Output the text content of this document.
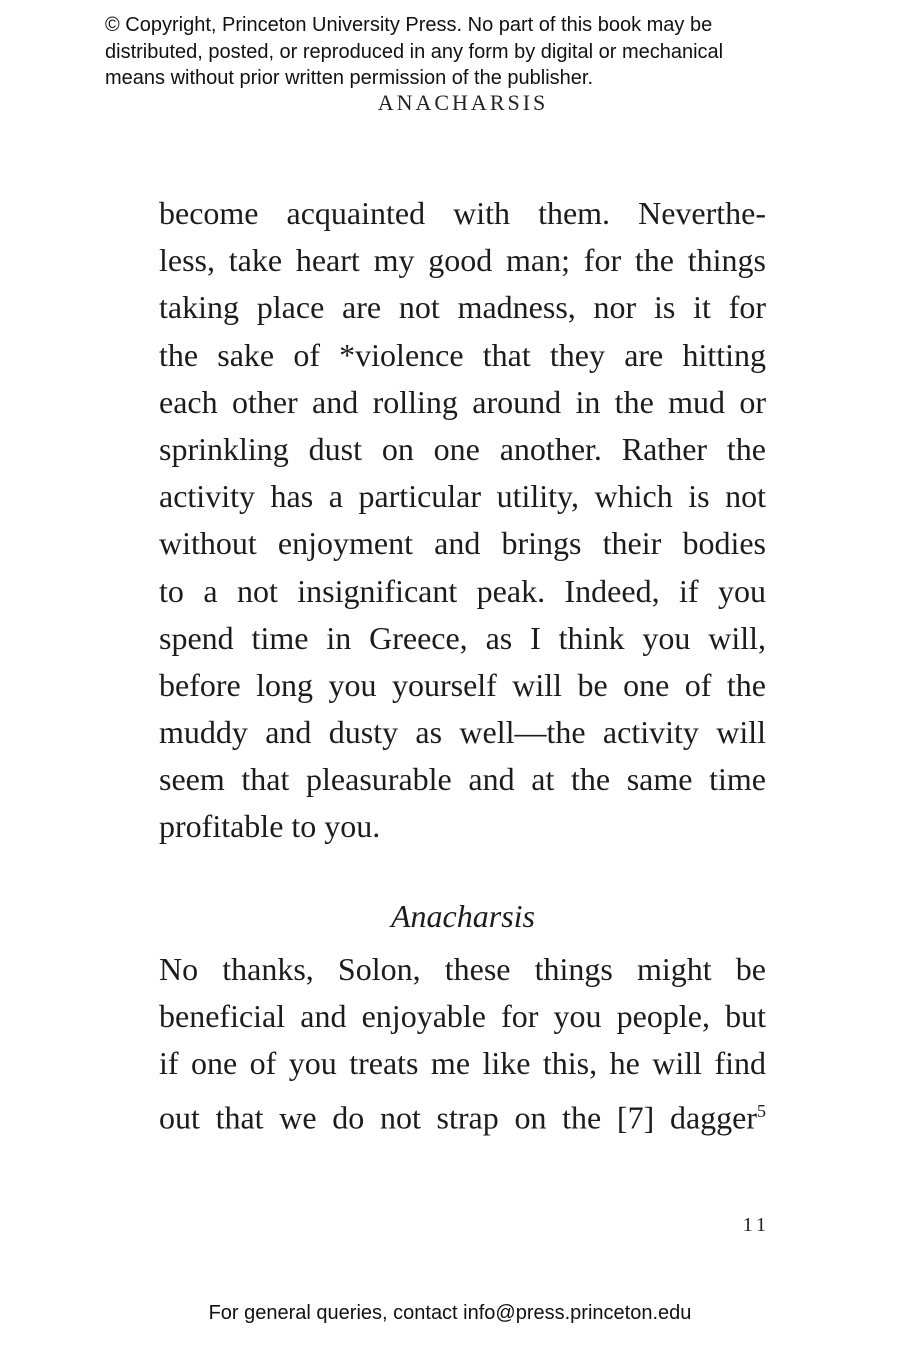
© Copyright, Princeton University Press. No part of this book may be
distributed, posted, or reproduced in any form by digital or mechanical
means without prior written permission of the publisher.
ANACHARSIS
become acquainted with them. Neverthe-
less, take heart my good man; for the things
taking place are not madness, nor is it for
the sake of *violence that they are hitting
each other and rolling around in the mud or
sprinkling dust on one another. Rather the
activity has a particular utility, which is not
without enjoyment and brings their bodies
to a not insignificant peak. Indeed, if you
spend time in Greece, as I think you will,
before long you yourself will be one of the
muddy and dusty as well—the activity will
seem that pleasurable and at the same time
profitable to you.
Anacharsis
No thanks, Solon, these things might be
beneficial and enjoyable for you people, but
if one of you treats me like this, he will find
out that we do not strap on the [7] dagger$^5$
11
For general queries, contact info@press.princeton.edu
